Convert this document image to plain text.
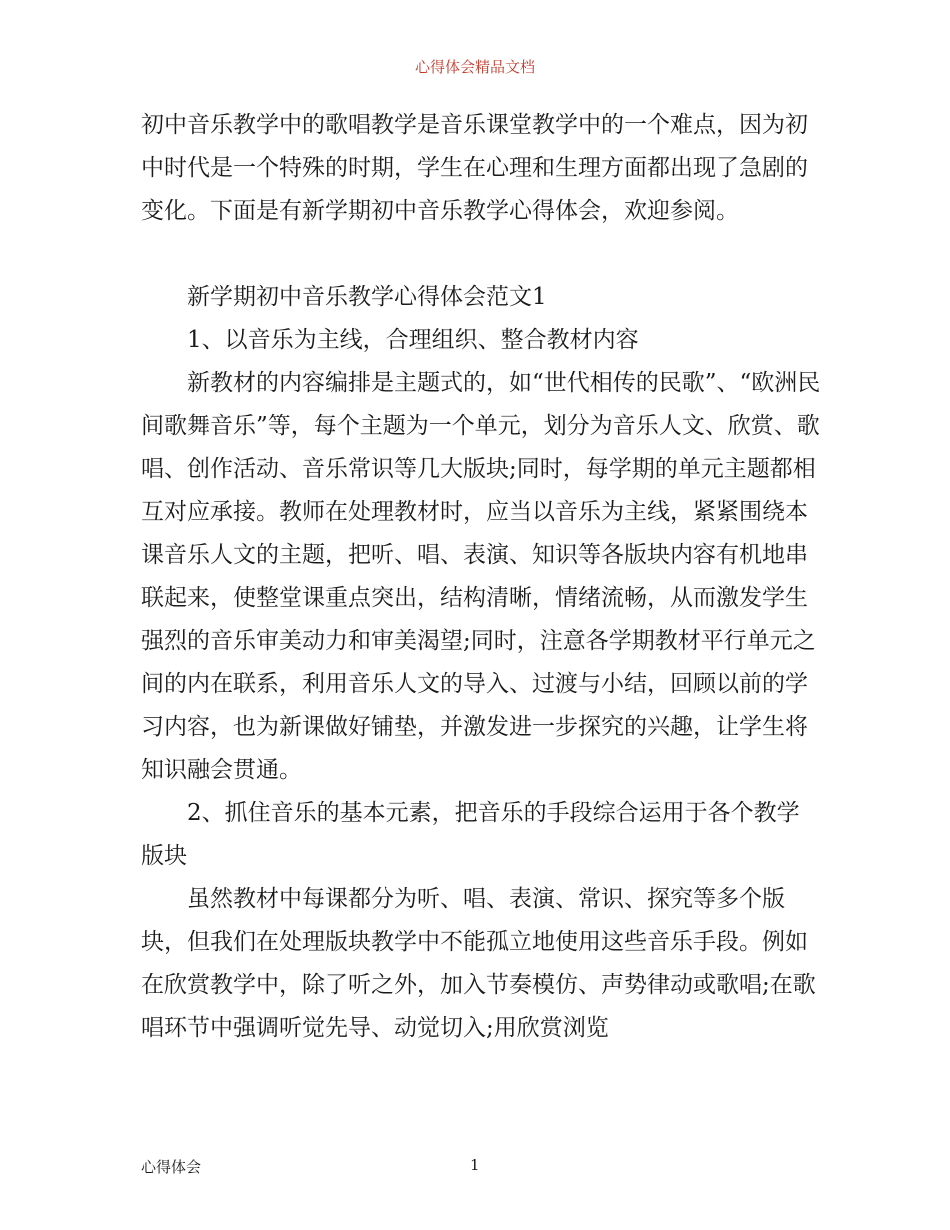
心得体会精品文档

初中音乐教学中的歌唱教学是音乐课堂教学中的一个难点，因为初中时代是一个特殊的时期，学生在心理和生理方面都出现了急剧的变化。下面是有新学期初中音乐教学心得体会，欢迎参阅。

新学期初中音乐教学心得体会范文1

1、以音乐为主线，合理组织、整合教材内容

新教材的内容编排是主题式的，如“世代相传的民歌”、“欧洲民间歌舞音乐”等，每个主题为一个单元，划分为音乐人文、欣赏、歌唱、创作活动、音乐常识等几大版块;同时，每学期的单元主题都相互对应承接。教师在处理教材时，应当以音乐为主线，紧紧围绕本课音乐人文的主题，把听、唱、表演、知识等各版块内容有机地串联起来，使整堂课重点突出，结构清晰，情绪流畅，从而激发学生强烈的音乐审美动力和审美渴望;同时，注意各学期教材平行单元之间的内在联系，利用音乐人文的导入、过渡与小结，回顾以前的学习内容，也为新课做好铺垫，并激发进一步探究的兴趣，让学生将知识融会贯通。

2、抓住音乐的基本元素，把音乐的手段综合运用于各个教学版块

虽然教材中每课都分为听、唱、表演、常识、探究等多个版块，但我们在处理版块教学中不能孤立地使用这些音乐手段。例如在欣赏教学中，除了听之外，加入节奏模仿、声势律动或歌唱;在歌唱环节中强调听觉先导、动觉切入;用欣赏浏览

心得体会	1
